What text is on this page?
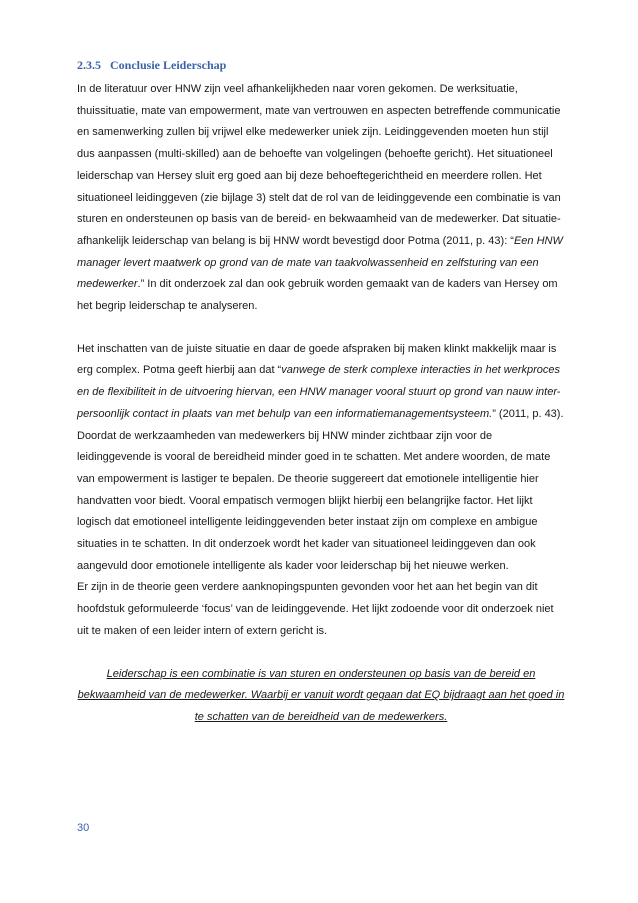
2.3.5 Conclusie Leiderschap

In de literatuur over HNW zijn veel afhankelijkheden naar voren gekomen. De werksituatie, thuissituatie, mate van empowerment, mate van vertrouwen en aspecten betreffende communicatie en samenwerking zullen bij vrijwel elke medewerker uniek zijn. Leidinggevenden moeten hun stijl dus aanpassen (multi-skilled) aan de behoefte van volgelingen (behoefte gericht). Het situationeel leiderschap van Hersey sluit erg goed aan bij deze behoeftegerichtheid en meerdere rollen. Het situationeel leidinggeven (zie bijlage 3) stelt dat de rol van de leidinggevende een combinatie is van sturen en ondersteunen op basis van de bereid- en bekwaamheid van de medewerker. Dat situatie-afhankelijk leiderschap van belang is bij HNW wordt bevestigd door Potma (2011, p. 43): “Een HNW manager levert maatwerk op grond van de mate van taakvolwassenheid en zelfsturing van een medewerker.” In dit onderzoek zal dan ook gebruik worden gemaakt van de kaders van Hersey om het begrip leiderschap te analyseren.

Het inschatten van de juiste situatie en daar de goede afspraken bij maken klinkt makkelijk maar is erg complex. Potma geeft hierbij aan dat “vanwege de sterk complexe interacties in het werkproces en de flexibiliteit in de uitvoering hiervan, een HNW manager vooral stuurt op grond van nauw inter-persoonlijk contact in plaats van met behulp van een informatiemanagementsysteem.” (2011, p. 43). Doordat de werkzaamheden van medewerkers bij HNW minder zichtbaar zijn voor de leidinggevende is vooral de bereidheid minder goed in te schatten. Met andere woorden, de mate van empowerment is lastiger te bepalen. De theorie suggereert dat emotionele intelligentie hier handvatten voor biedt. Vooral empatisch vermogen blijkt hierbij een belangrijke factor. Het lijkt logisch dat emotioneel intelligente leidinggevenden beter instaat zijn om complexe en ambigue situaties in te schatten. In dit onderzoek wordt het kader van situationeel leidinggeven dan ook aangevuld door emotionele intelligente als kader voor leiderschap bij het nieuwe werken.
Er zijn in de theorie geen verdere aanknopingspunten gevonden voor het aan het begin van dit hoofdstuk geformuleerde ‘focus’ van de leidinggevende. Het lijkt zodoende voor dit onderzoek niet uit te maken of een leider intern of extern gericht is.

Leiderschap is een combinatie is van sturen en ondersteunen op basis van de bereid en bekwaamheid van de medewerker. Waarbij er vanuit wordt gegaan dat EQ bijdraagt aan het goed in te schatten van de bereidheid van de medewerkers.
30
